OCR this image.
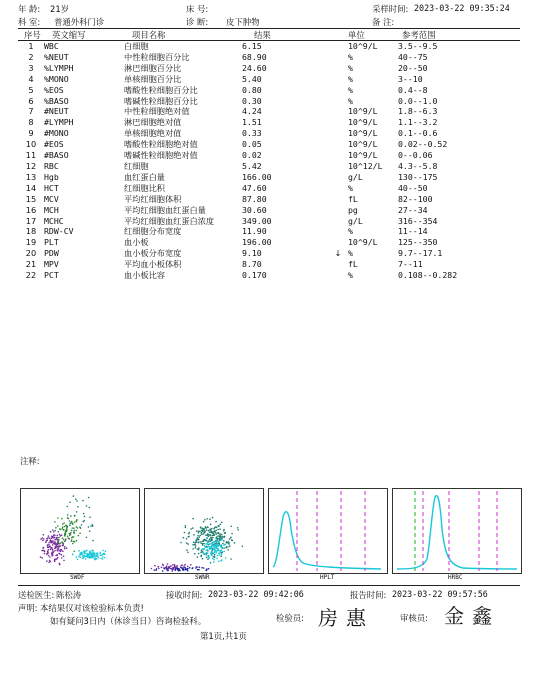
年 龄: 21岁	床 号:	采样时间: 2023-03-22 09:35:24
科 室: 普通外科门诊	诊 断: 皮下肿物	备 注:
序号 英文缩写	项目名称	结果	单位	参考范围
1	WBC	白细胞	6.15		10^9/L	3.5--9.5
2	%NEUT	中性粒细胞百分比	68.90		%	40--75
3	%LYMPH	淋巴细胞百分比	24.60		%	20--50
4	%MONO	单核细胞百分比	5.40		%	3--10
5	%EOS	嗜酸性粒细胞百分比	0.80		%	0.4--8
6	%BASO	嗜碱性粒细胞百分比	0.30		%	0.0--1.0
7	#NEUT	中性粒细胞绝对值	4.24		10^9/L	1.8--6.3
8	#LYMPH	淋巴细胞绝对值	1.51		10^9/L	1.1--3.2
9	#MONO	单核细胞绝对值	0.33		10^9/L	0.1--0.6
10	#EOS	嗜酸性粒细胞绝对值	0.05		10^9/L	0.02--0.52
11	#BASO	嗜碱性粒细胞绝对值	0.02		10^9/L	0--0.06
12	RBC	红细胞	5.42		10^12/L	4.3--5.8
13	Hgb	血红蛋白量	166.00		g/L	130--175
14	HCT	红细胞比积	47.60		%	40--50
15	MCV	平均红细胞体积	87.80		fL	82--100
16	MCH	平均红细胞血红蛋白量	30.60		pg	27--34
17	MCHC	平均红细胞血红蛋白浓度	349.00		g/L	316--354
18	RDW-CV	红细胞分布宽度	11.90		%	11--14
19	PLT	血小板	196.00		10^9/L	125--350
20	PDW	血小板分布宽度	9.10	↓	%	9.7--17.1
21	MPV	平均血小板体积	8.70		fL	7--11
22	PCT	血小板比容	0.170		%	0.108--0.282
注释:
SWDF	SWNR	HPLT	HRBC
送检医生: 陈松涛	接收时间: 2023-03-22 09:42:06	报告时间: 2023-03-22 09:57:56
声明: 本结果仅对该检验标本负责!
如有疑问3日内（休诊当日）咨询检验科。	检验员: 房惠	审核员: 金鑫
第1页,共1页
